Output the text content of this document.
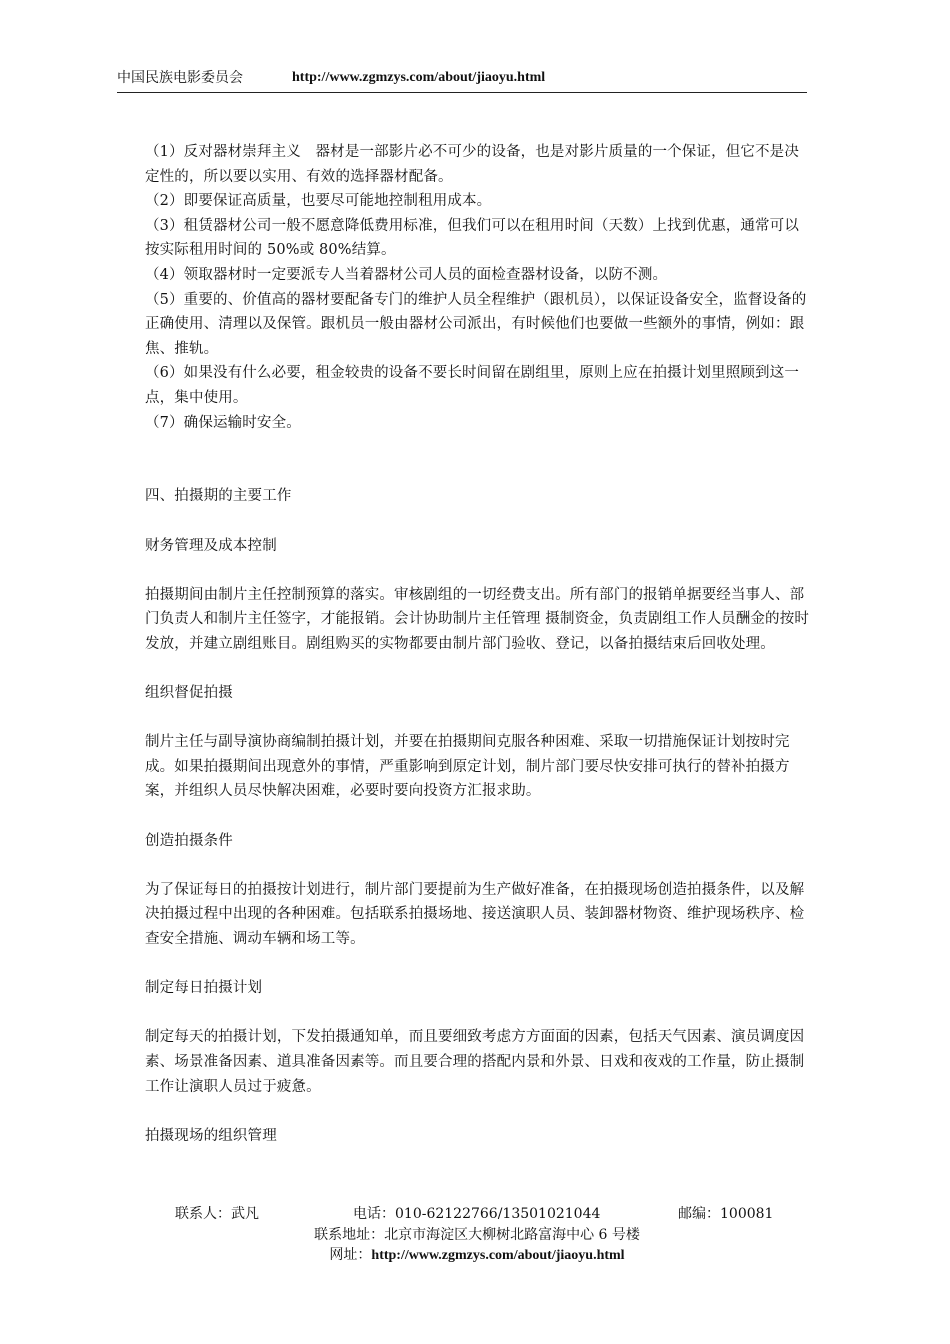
中国民族电影委员会	http://www.zgmzys.com/about/jiaoyu.html

（1）反对器材崇拜主义　器材是一部影片必不可少的设备，也是对影片质量的一个保证，但它不是决定性的，所以要以实用、有效的选择器材配备。

（2）即要保证高质量，也要尽可能地控制租用成本。

（3）租赁器材公司一般不愿意降低费用标准，但我们可以在租用时间（天数）上找到优惠，通常可以按实际租用时间的 50%或 80%结算。

（4）领取器材时一定要派专人当着器材公司人员的面检查器材设备，以防不测。

（5）重要的、价值高的器材要配备专门的维护人员全程维护（跟机员），以保证设备安全，监督设备的正确使用、清理以及保管。跟机员一般由器材公司派出，有时候他们也要做一些额外的事情，例如：跟焦、推轨。

（6）如果没有什么必要，租金较贵的设备不要长时间留在剧组里，原则上应在拍摄计划里照顾到这一点，集中使用。

（7）确保运输时安全。

四、拍摄期的主要工作

财务管理及成本控制

拍摄期间由制片主任控制预算的落实。审核剧组的一切经费支出。所有部门的报销单据要经当事人、部门负责人和制片主任签字，才能报销。会计协助制片主任管理 摄制资金，负责剧组工作人员酬金的按时发放，并建立剧组账目。剧组购买的实物都要由制片部门验收、登记，以备拍摄结束后回收处理。

组织督促拍摄

制片主任与副导演协商编制拍摄计划，并要在拍摄期间克服各种困难、采取一切措施保证计划按时完成。如果拍摄期间出现意外的事情，严重影响到原定计划，制片部门要尽快安排可执行的替补拍摄方案，并组织人员尽快解决困难，必要时要向投资方汇报求助。

创造拍摄条件

为了保证每日的拍摄按计划进行，制片部门要提前为生产做好准备，在拍摄现场创造拍摄条件，以及解决拍摄过程中出现的各种困难。包括联系拍摄场地、接送演职人员、装卸器材物资、维护现场秩序、检查安全措施、调动车辆和场工等。

制定每日拍摄计划

制定每天的拍摄计划，下发拍摄通知单，而且要细致考虑方方面面的因素，包括天气因素、演员调度因素、场景准备因素、道具准备因素等。而且要合理的搭配内景和外景、日戏和夜戏的工作量，防止摄制工作让演职人员过于疲惫。

拍摄现场的组织管理

联系人：武凡	电话：010-62122766/13501021044	邮编：100081
联系地址：北京市海淀区大柳树北路富海中心 6 号楼
网址：http://www.zgmzys.com/about/jiaoyu.html
